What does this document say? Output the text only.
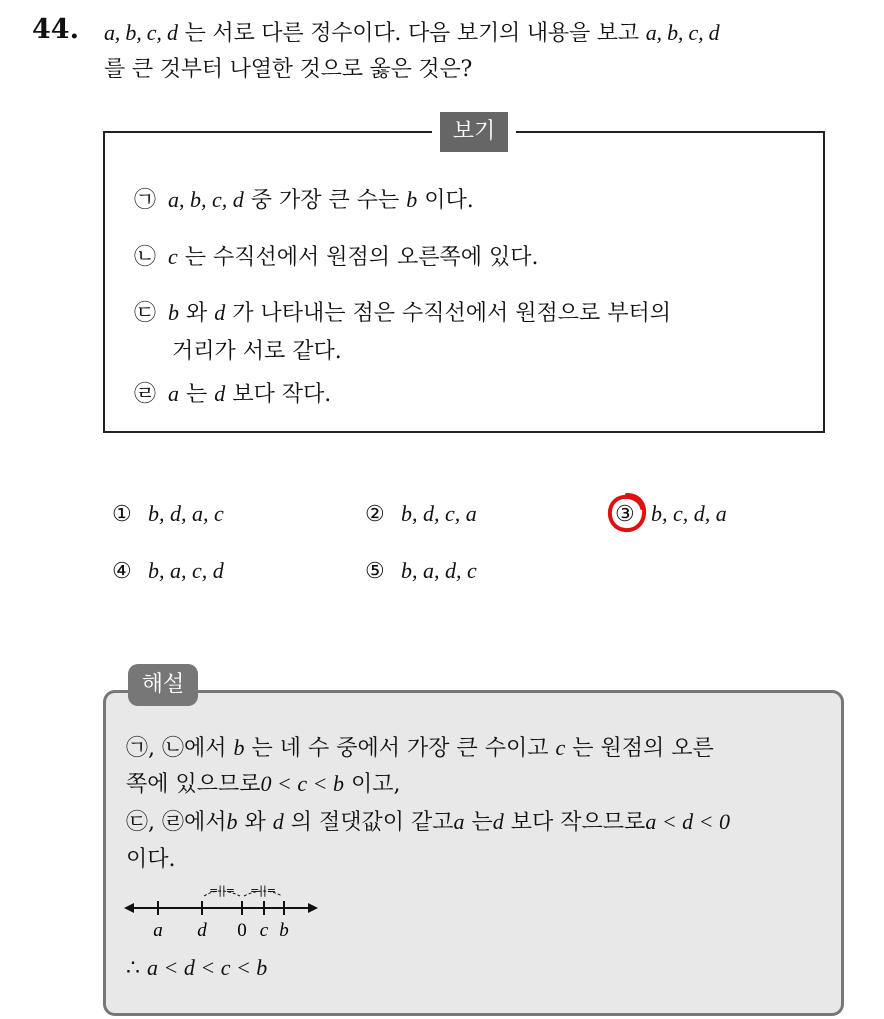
44. a, b, c, d 는 서로 다른 정수이다. 다음 보기의 내용을 보고 a, b, c, d
를 큰 것부터 나열한 것으로 옳은 것은?
보기
㉠ a, b, c, d 중 가장 큰 수는 b 이다.
㉡ c 는 수직선에서 원점의 오른쪽에 있다.
㉢ b 와 d 가 나타내는 점은 수직선에서 원점으로 부터의
거리가 서로 같다.
㉣ a 는 d 보다 작다.
① b, d, a, c	② b, d, c, a	③ b, c, d, a
④ b, a, c, d	⑤ b, a, d, c
해설
㉠, ㉡에서 b 는 네 수 중에서 가장 큰 수이고 c 는 원점의 오른
쪽에 있으므로0 < c < b 이고,
㉢, ㉣에서b 와 d 의 절댓값이 같고a 는d 보다 작으므로a < d < 0
이다.
=||= =||=
a d 0 c b
∴ a < d < c < b
